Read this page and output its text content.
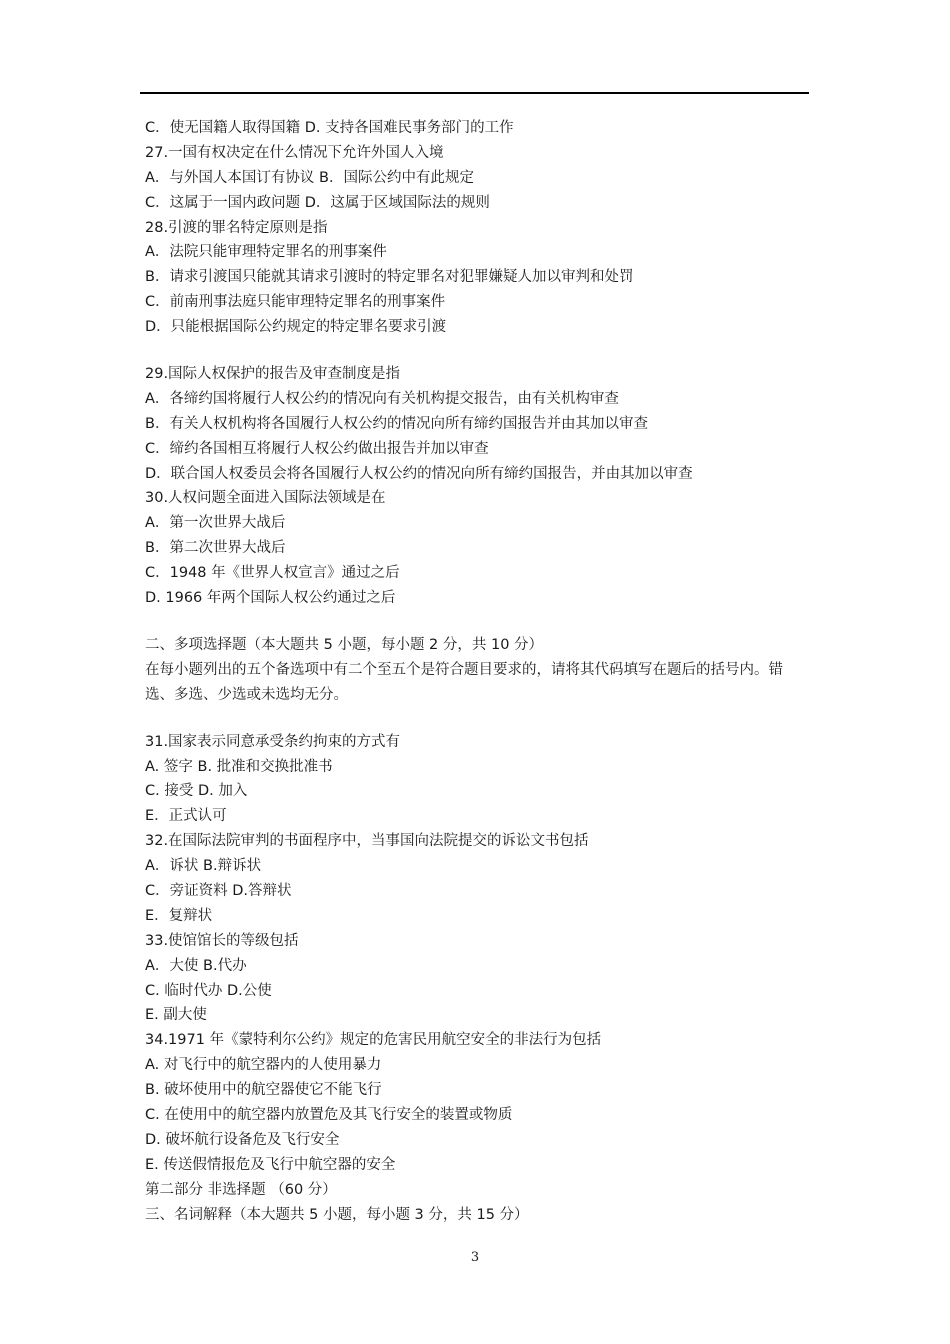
C．使无国籍人取得国籍 D. 支持各国难民事务部门的工作
27.一国有权决定在什么情况下允许外国人入境
A．与外国人本国订有协议 B．国际公约中有此规定
C．这属于一国内政问题 D．这属于区域国际法的规则
28.引渡的罪名特定原则是指
A．法院只能审理特定罪名的刑事案件
B．请求引渡国只能就其请求引渡时的特定罪名对犯罪嫌疑人加以审判和处罚
C．前南刑事法庭只能审理特定罪名的刑事案件
D．只能根据国际公约规定的特定罪名要求引渡
29.国际人权保护的报告及审查制度是指
A．各缔约国将履行人权公约的情况向有关机构提交报告，由有关机构审查
B．有关人权机构将各国履行人权公约的情况向所有缔约国报告并由其加以审查
C．缔约各国相互将履行人权公约做出报告并加以审查
D．联合国人权委员会将各国履行人权公约的情况向所有缔约国报告，并由其加以审查
30.人权问题全面进入国际法领域是在
A．第一次世界大战后
B．第二次世界大战后
C．1948 年《世界人权宣言》通过之后
D. 1966 年两个国际人权公约通过之后
二、多项选择题（本大题共 5 小题，每小题 2 分，共 10 分）
在每小题列出的五个备选项中有二个至五个是符合题目要求的，请将其代码填写在题后的括号内。错选、多选、少选或未选均无分。
31.国家表示同意承受条约拘束的方式有
A. 签字 B. 批准和交换批准书
C. 接受 D. 加入
E．正式认可
32.在国际法院审判的书面程序中，当事国向法院提交的诉讼文书包括
A．诉状 B.辩诉状
C．旁证资料 D.答辩状
E．复辩状
33.使馆馆长的等级包括
A．大使 B.代办
C. 临时代办 D.公使
E. 副大使
34.1971 年《蒙特利尔公约》规定的危害民用航空安全的非法行为包括
A. 对飞行中的航空器内的人使用暴力
B. 破坏使用中的航空器使它不能飞行
C. 在使用中的航空器内放置危及其飞行安全的装置或物质
D. 破坏航行设备危及飞行安全
E. 传送假情报危及飞行中航空器的安全
第二部分 非选择题 （60 分）
三、名词解释（本大题共 5 小题，每小题 3 分，共 15 分）
3
